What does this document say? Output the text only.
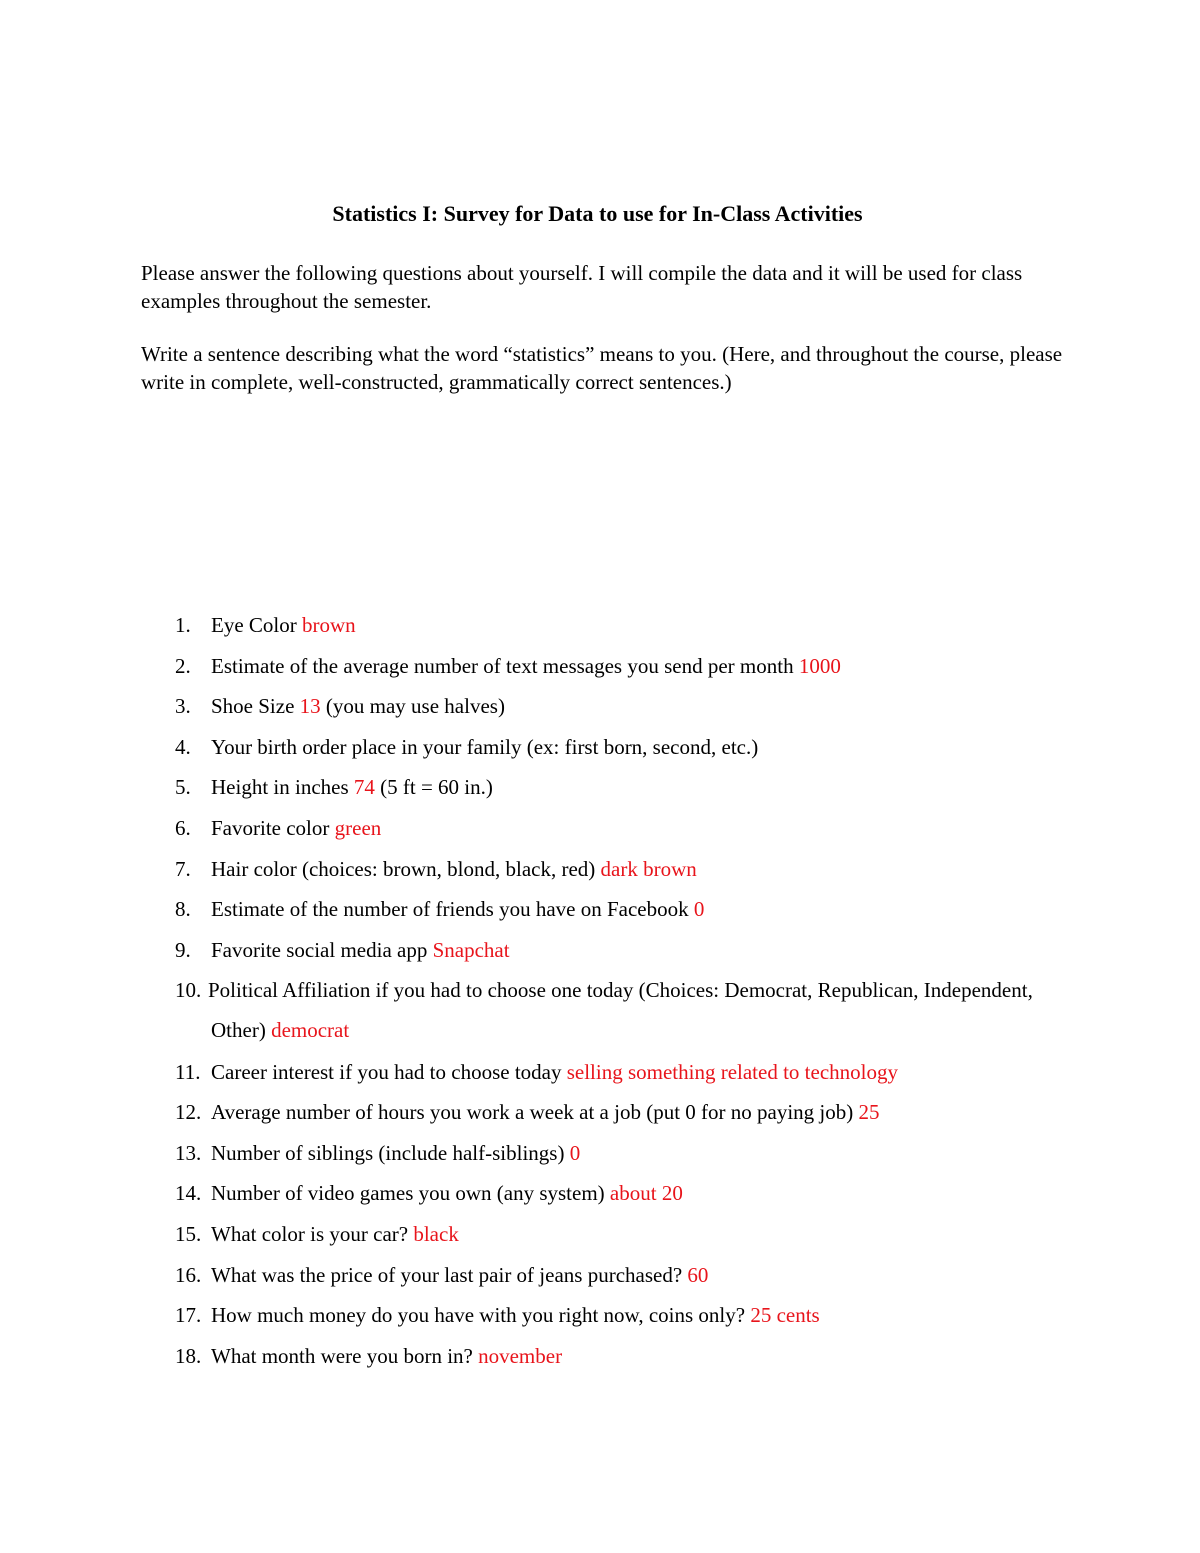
Statistics I: Survey for Data to use for In-Class Activities
Please answer the following questions about yourself. I will compile the data and it will be used for class examples throughout the semester.
Write a sentence describing what the word “statistics” means to you. (Here, and throughout the course, please write in complete, well-constructed, grammatically correct sentences.)
1. Eye Color brown
2. Estimate of the average number of text messages you send per month 1000
3. Shoe Size 13 (you may use halves)
4. Your birth order place in your family (ex: first born, second, etc.)
5. Height in inches 74 (5 ft = 60 in.)
6. Favorite color green
7. Hair color (choices: brown, blond, black, red) dark brown
8. Estimate of the number of friends you have on Facebook 0
9. Favorite social media app Snapchat
10. Political Affiliation if you had to choose one today (Choices: Democrat, Republican, Independent, Other) democrat
11. Career interest if you had to choose today selling something related to technology
12. Average number of hours you work a week at a job (put 0 for no paying job) 25
13. Number of siblings (include half-siblings) 0
14. Number of video games you own (any system) about 20
15. What color is your car? black
16. What was the price of your last pair of jeans purchased? 60
17. How much money do you have with you right now, coins only? 25 cents
18. What month were you born in? november
